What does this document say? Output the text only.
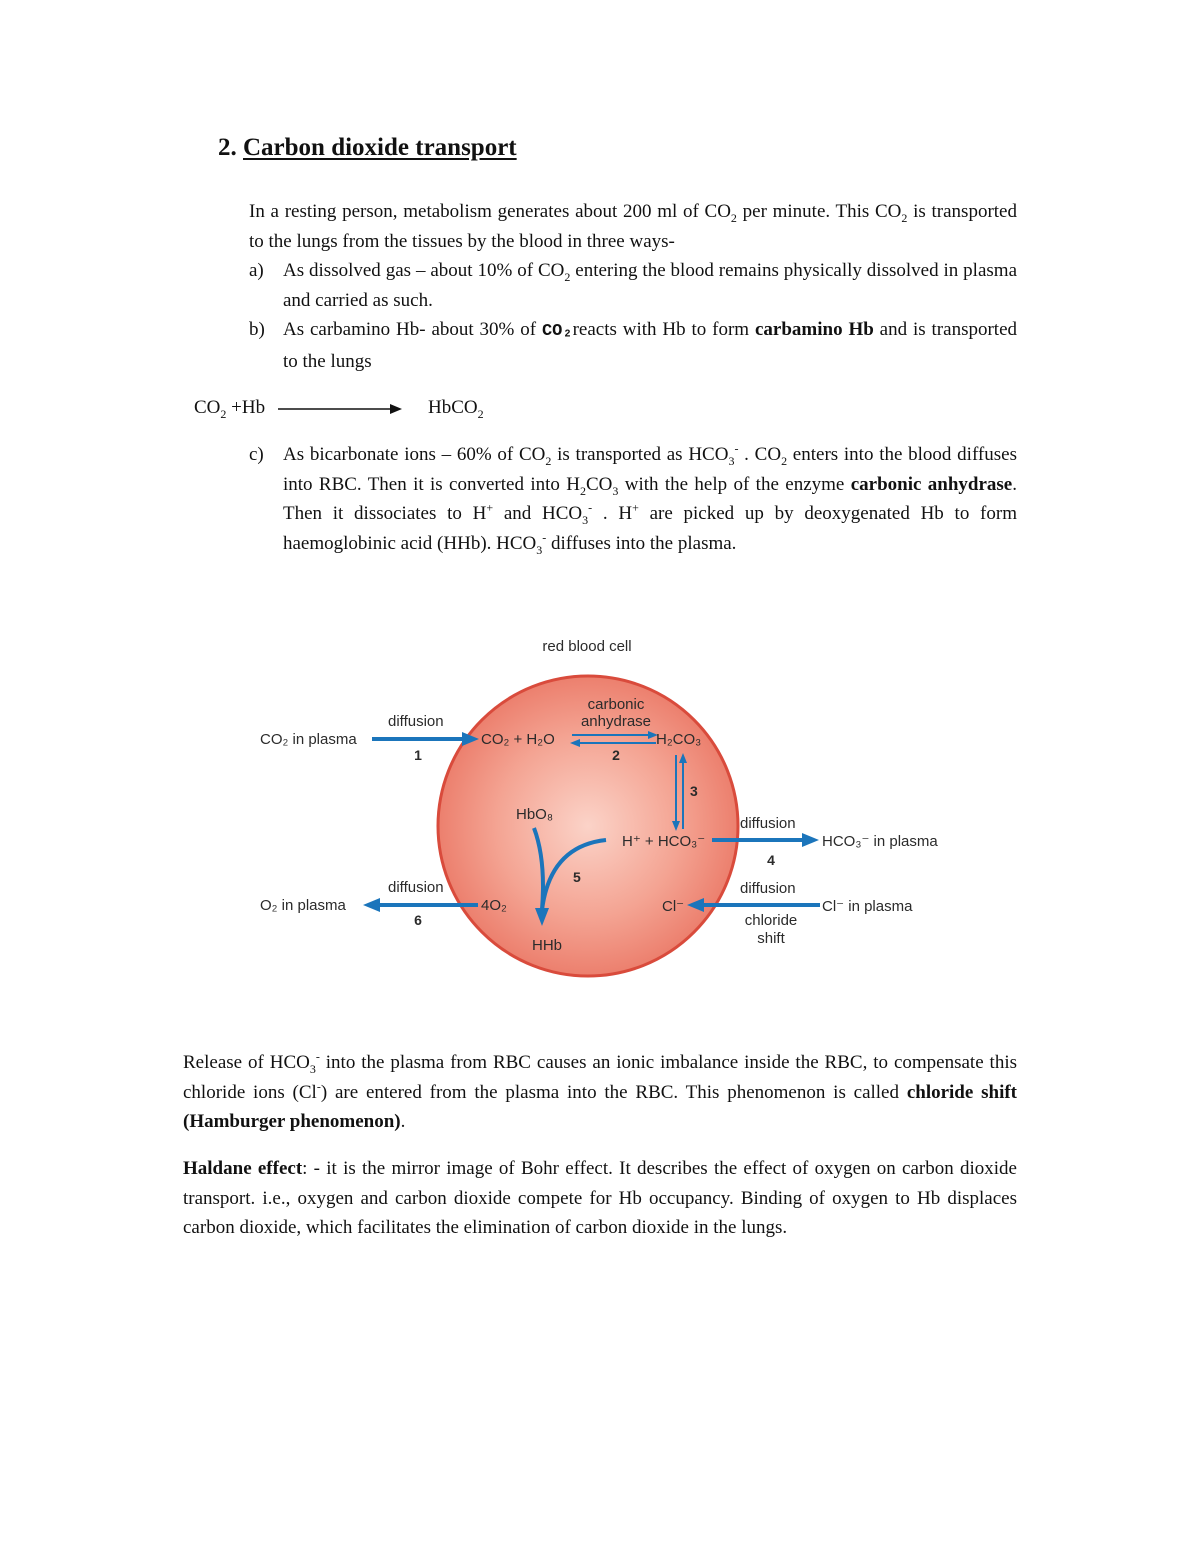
2. Carbon dioxide transport
In a resting person, metabolism generates about 200 ml of $CO_2$ per minute. This $CO_2$ is transported to the lungs from the tissues by the blood in three ways-
a)	As dissolved gas – about 10% of $CO_2$ entering the blood remains physically dissolved in plasma and carried as such.
b) As carbamino Hb- about 30% of CO₂reacts with Hb to form carbamino Hb and is transported to the lungs
$CO_2 +Hb$	HbCO$_2$
c)	As bicarbonate ions – 60% of $CO_2$ is transported as $HCO_3^-$ . $CO_2$ enters into the blood diffuses into RBC. Then it is converted into $H_2CO_3$ with the help of the enzyme carbonic anhydrase. Then it dissociates to H+ and $HCO_3^-$ . H+ are picked up by deoxygenated Hb to form haemoglobinic acid (HHb). $HCO_3^-$ diffuses into the plasma.
red blood cell
CO₂ in plasma
diffusion
1
CO₂ + H₂O
carbonic
anhydrase
2
H₂CO₃
3
HbO₈
5
HHb
H⁺ + HCO₃⁻
diffusion
4
HCO₃⁻ in plasma
diffusion
4O₂
O₂ in plasma
6
Cl⁻
diffusion
Cl⁻ in plasma
chloride
shift
Release of $HCO_3^-$ into the plasma from RBC causes an ionic imbalance inside the RBC, to compensate this chloride ions (Cl-) are entered from the plasma into the RBC. This phenomenon is called chloride shift (Hamburger phenomenon).
Haldane effect: - it is the mirror image of Bohr effect. It describes the effect of oxygen on carbon dioxide transport. i.e., oxygen and carbon dioxide compete for Hb occupancy. Binding of oxygen to Hb displaces carbon dioxide, which facilitates the elimination of carbon dioxide in the lungs.
